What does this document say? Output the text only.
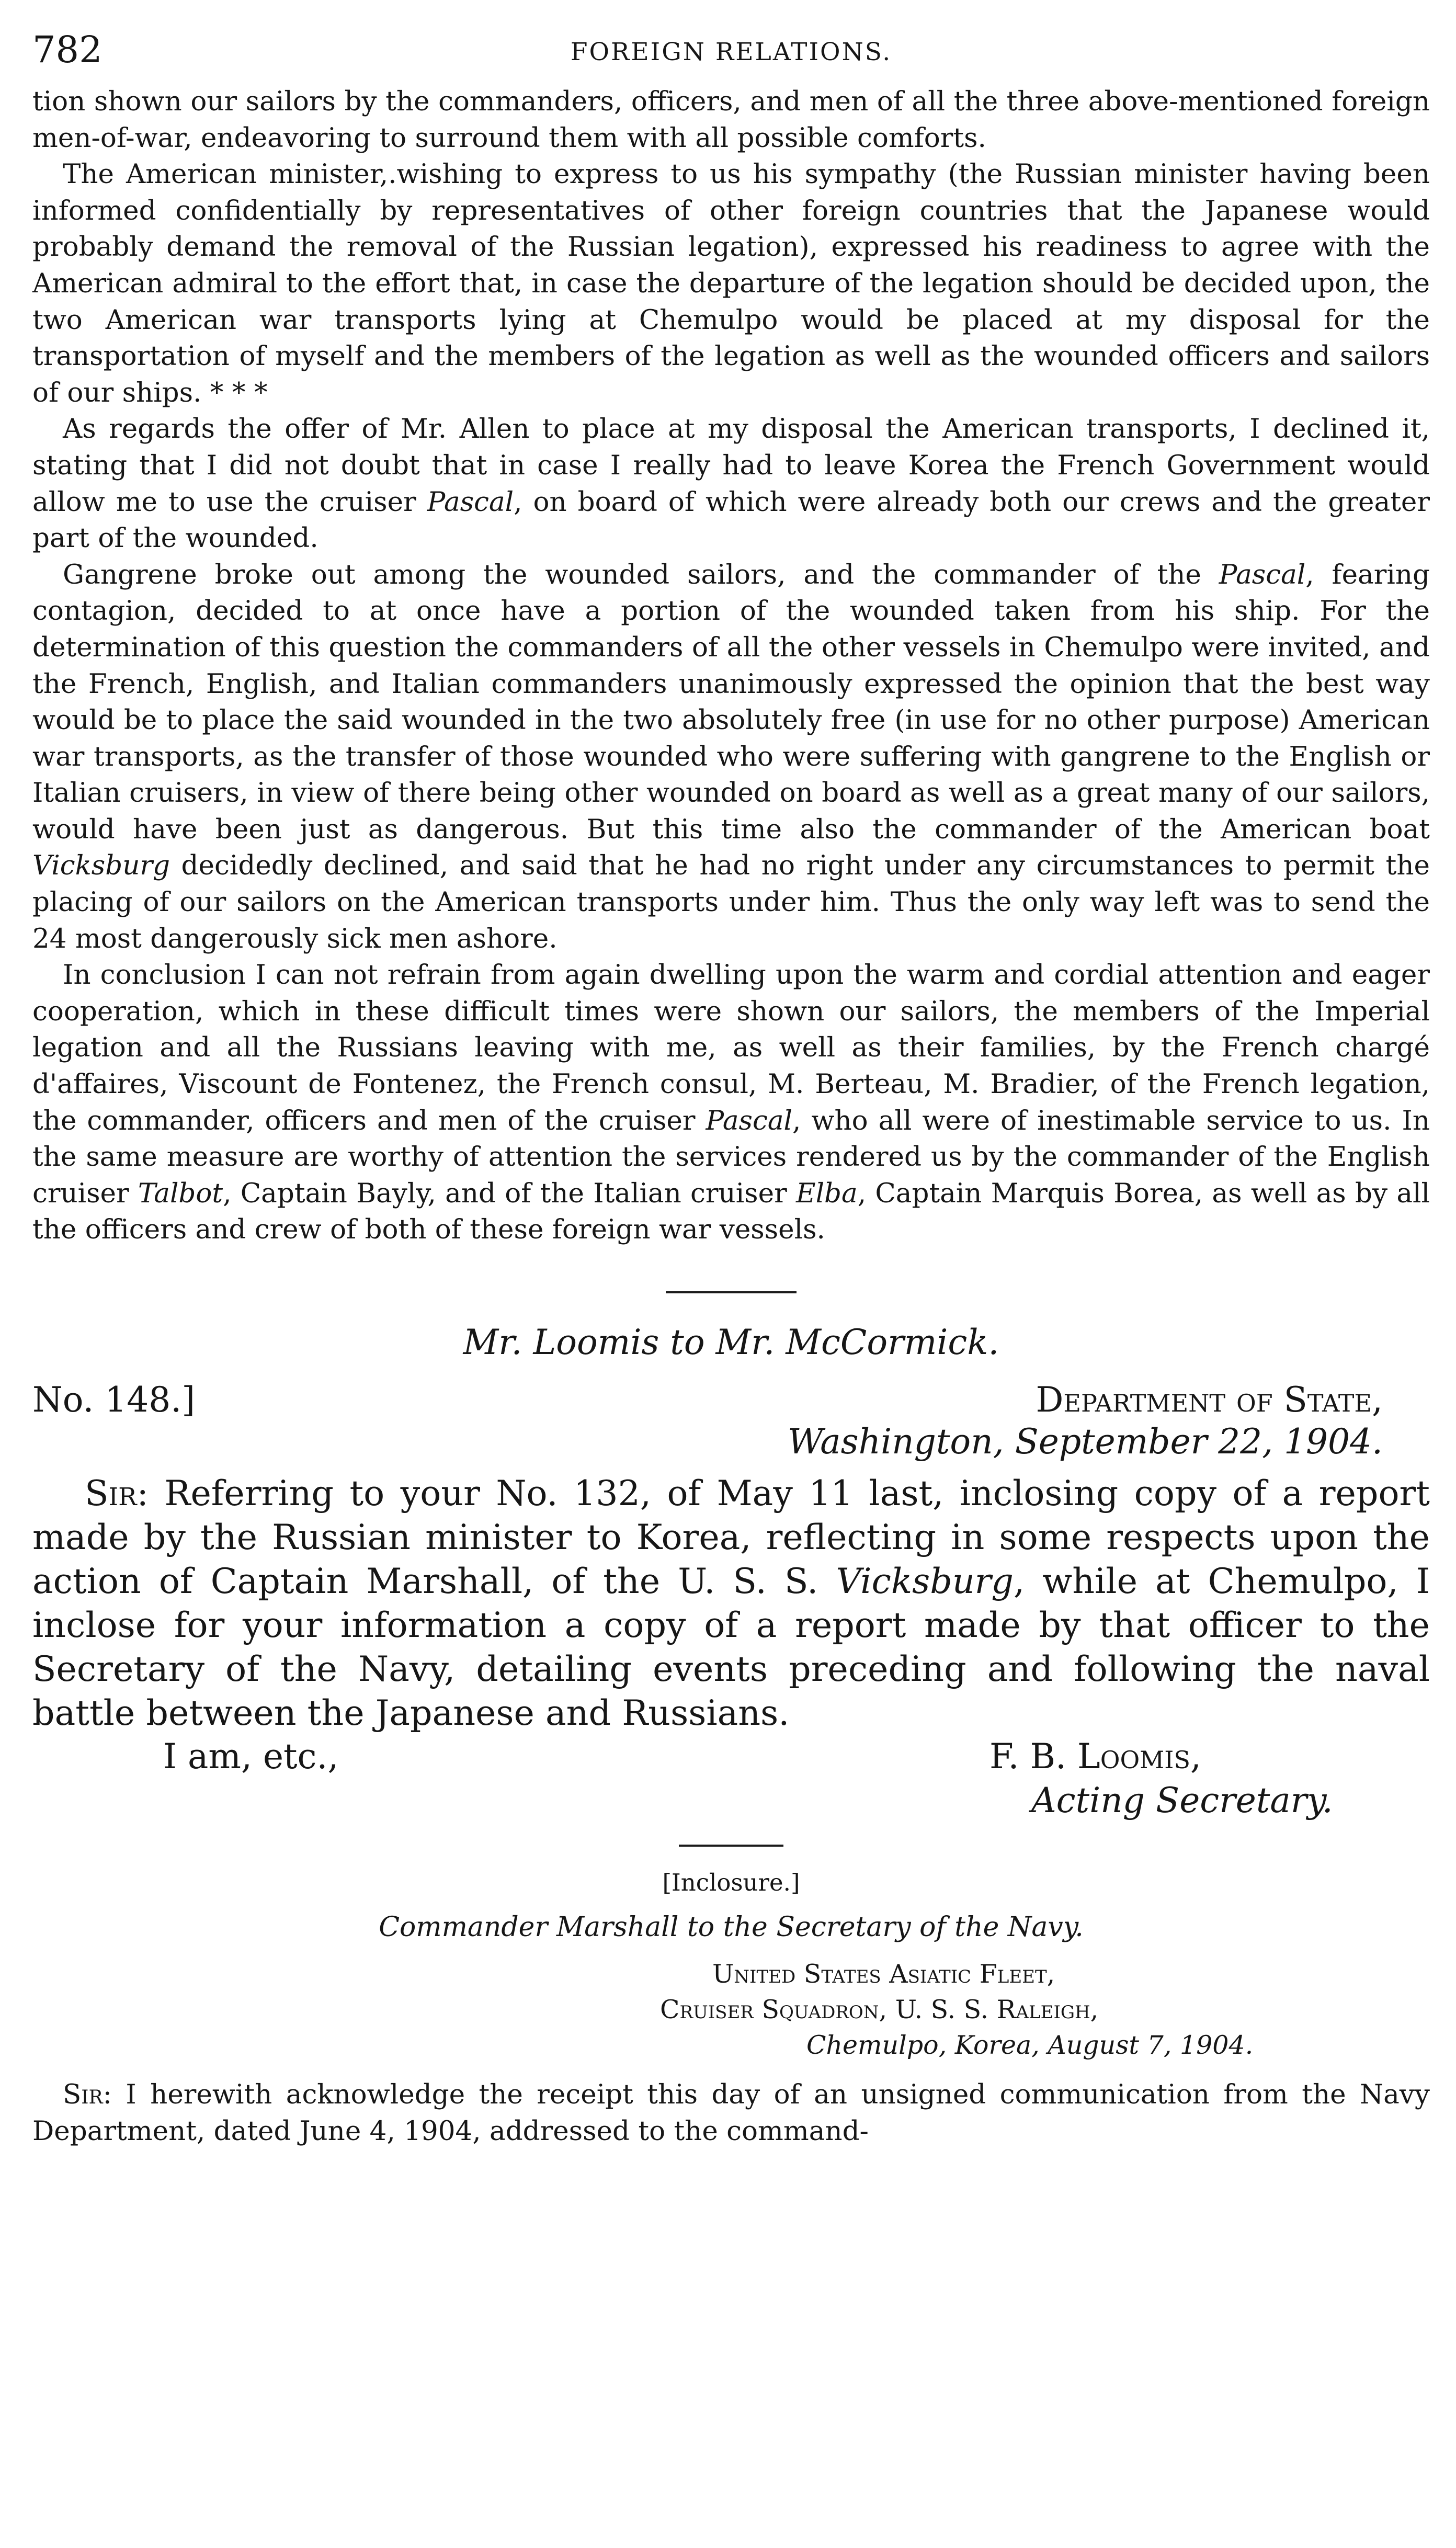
782	FOREIGN RELATIONS.

tion shown our sailors by the commanders, officers, and men of all the three above-mentioned foreign men-of-war, endeavoring to surround them with all possible comforts.

The American minister,.wishing to express to us his sympathy (the Russian minister having been informed confidentially by representatives of other foreign countries that the Japanese would probably demand the removal of the Russian legation), expressed his readiness to agree with the American admiral to the effort that, in case the departure of the legation should be decided upon, the two American war transports lying at Chemulpo would be placed at my disposal for the transportation of myself and the members of the legation as well as the wounded officers and sailors of our ships. * * *

As regards the offer of Mr. Allen to place at my disposal the American transports, I declined it, stating that I did not doubt that in case I really had to leave Korea the French Government would allow me to use the cruiser Pascal, on board of which were already both our crews and the greater part of the wounded.

Gangrene broke out among the wounded sailors, and the commander of the Pascal, fearing contagion, decided to at once have a portion of the wounded taken from his ship. For the determination of this question the commanders of all the other vessels in Chemulpo were invited, and the French, English, and Italian commanders unanimously expressed the opinion that the best way would be to place the said wounded in the two absolutely free (in use for no other purpose) American war transports, as the transfer of those wounded who were suffering with gangrene to the English or Italian cruisers, in view of there being other wounded on board as well as a great many of our sailors, would have been just as dangerous. But this time also the commander of the American boat Vicksburg decidedly declined, and said that he had no right under any circumstances to permit the placing of our sailors on the American transports under him. Thus the only way left was to send the 24 most dangerously sick men ashore.

In conclusion I can not refrain from again dwelling upon the warm and cordial attention and eager cooperation, which in these difficult times were shown our sailors, the members of the Imperial legation and all the Russians leaving with me, as well as their families, by the French chargé d'affaires, Viscount de Fontenez, the French consul, M. Berteau, M. Bradier, of the French legation, the commander, officers and men of the cruiser Pascal, who all were of inestimable service to us. In the same measure are worthy of attention the services rendered us by the commander of the English cruiser Talbot, Captain Bayly, and of the Italian cruiser Elba, Captain Marquis Borea, as well as by all the officers and crew of both of these foreign war vessels.

Mr. Loomis to Mr. McCormick.
No. 148.]	Department of State,
Washington, September 22, 1904.

Sir: Referring to your No. 132, of May 11 last, inclosing copy of a report made by the Russian minister to Korea, reflecting in some respects upon the action of Captain Marshall, of the U. S. S. Vicksburg, while at Chemulpo, I inclose for your information a copy of a report made by that officer to the Secretary of the Navy, detailing events preceding and following the naval battle between the Japanese and Russians.

I am, etc.,	F. B. Loomis,
Acting Secretary.
[Inclosure.]
Commander Marshall to the Secretary of the Navy.
United States Asiatic Fleet,
Cruiser Squadron, U. S. S. Raleigh,
Chemulpo, Korea, August 7, 1904.

Sir: I herewith acknowledge the receipt this day of an unsigned communication from the Navy Department, dated June 4, 1904, addressed to the command-
